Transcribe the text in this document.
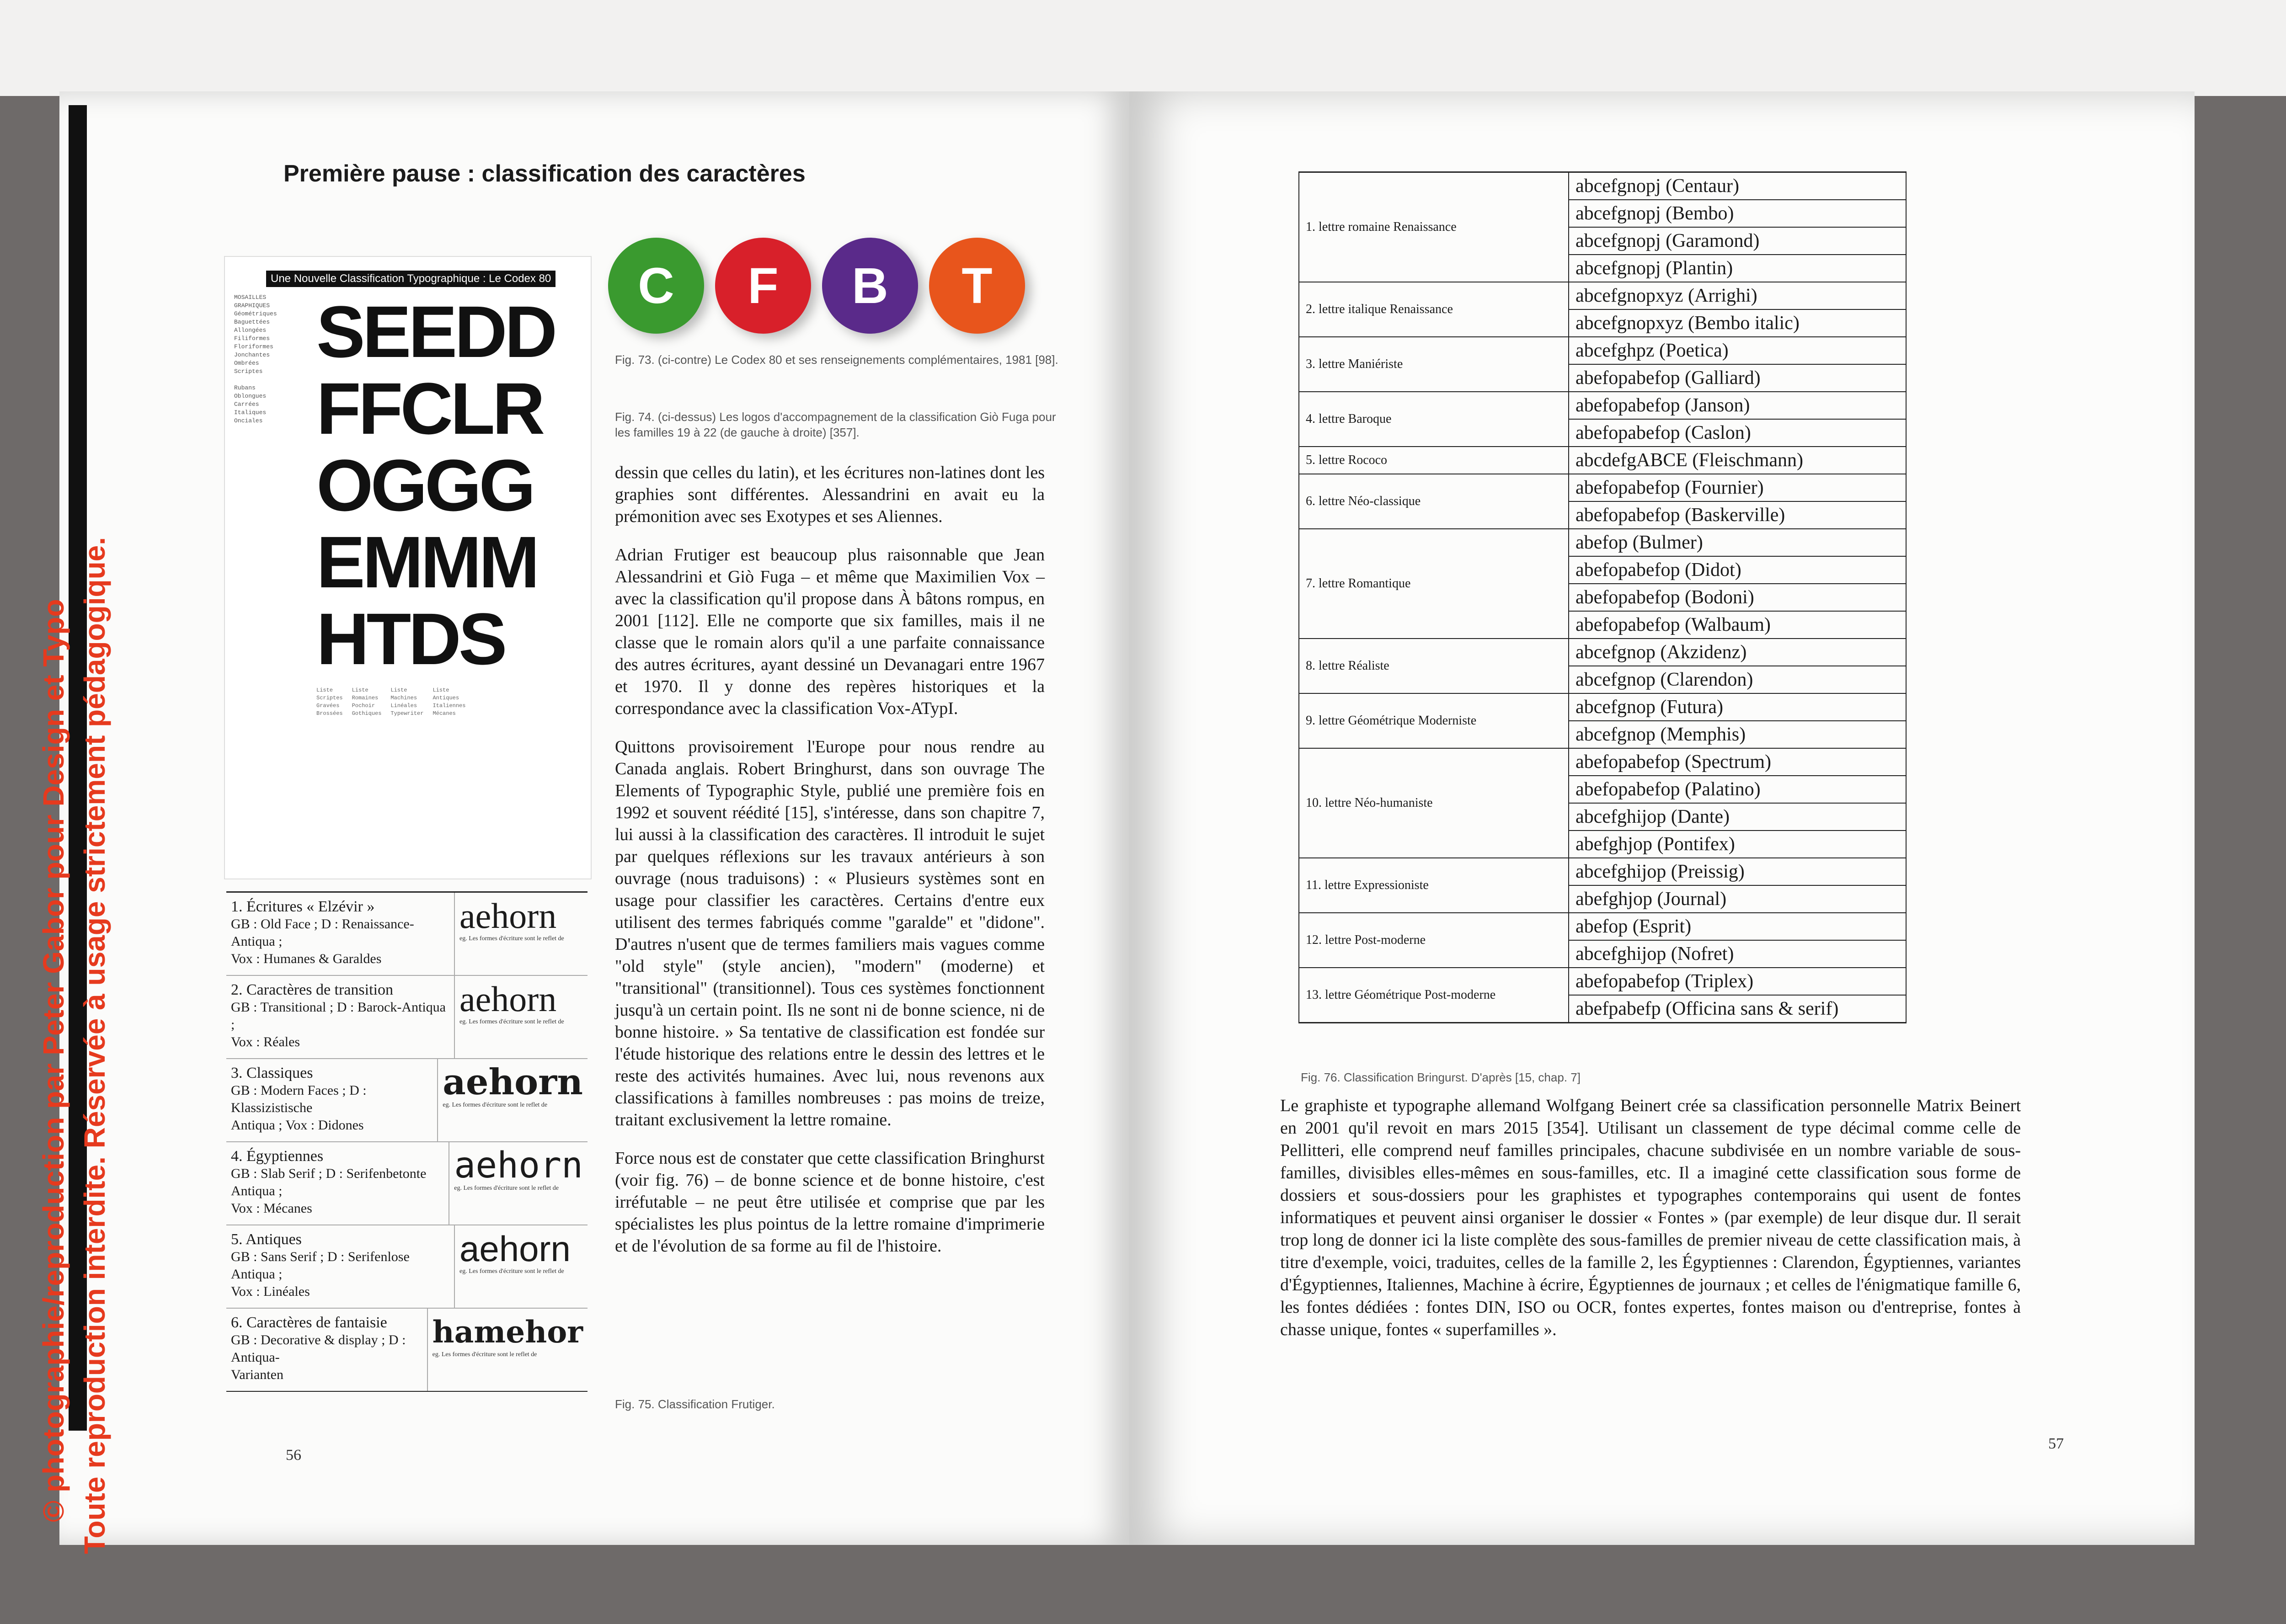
Première pause : classification des caractères
Une Nouvelle Classification Typographique : Le Codex 80
MOSAILLES
GRAPHIQUES
Géométriques
Baguettées
Allongées
Filiformes
Floriformes
Jonchantes
Ombrées
Scriptes

Rubans
Oblongues
Carrées
Italiques
Onciales
SEEDD
FFCLR
OGGG
EMMM
HTDS
Liste
Scriptes
Gravées
Brossées
Liste
Romaines
Pochoir
Gothiques
Liste
Machines
Linéales
Typewriter
Liste
Antiques
Italiennes
Mécanes
C	F	B	T
Fig. 73. (ci-contre) Le Codex 80 et ses renseignements complémentaires, 1981 [98].
Fig. 74. (ci-dessus) Les logos d'accompagnement de la classification Giò Fuga pour les familles 19 à 22 (de gauche à droite) [357].

dessin que celles du latin), et les écritures non-latines dont les graphies sont différentes. Alessandrini en avait eu la prémonition avec ses Exotypes et ses Aliennes.

Adrian Frutiger est beaucoup plus raisonnable que Jean Alessandrini et Giò Fuga – et même que Maximilien Vox – avec la classification qu'il propose dans À bâtons rompus, en 2001 [112]. Elle ne comporte que six familles, mais il ne classe que le romain alors qu'il a une parfaite connaissance des autres écritures, ayant dessiné un Devanagari entre 1967 et 1970. Il y donne des repères historiques et la correspondance avec la classification Vox-ATypI.

Quittons provisoirement l'Europe pour nous rendre au Canada anglais. Robert Bringhurst, dans son ouvrage The Elements of Typographic Style, publié une première fois en 1992 et souvent réédité [15], s'intéresse, dans son chapitre 7, lui aussi à la classification des caractères. Il introduit le sujet par quelques réflexions sur les travaux antérieurs à son ouvrage (nous traduisons) : « Plusieurs systèmes sont en usage pour classifier les caractères. Certains d'entre eux utilisent des termes fabriqués comme "garalde" et "didone". D'autres n'usent que de termes familiers mais vagues comme "old style" (style ancien), "modern" (moderne) et "transitional" (transitionnel). Tous ces systèmes fonctionnent jusqu'à un certain point. Ils ne sont ni de bonne science, ni de bonne histoire. » Sa tentative de classification est fondée sur l'étude historique des relations entre le dessin des lettres et le reste des activités humaines. Avec lui, nous revenons aux classifications à familles nombreuses : pas moins de treize, traitant exclusivement la lettre romaine.

Force nous est de constater que cette classification Bringhurst (voir fig. 76) – de bonne science et de bonne histoire, c'est irréfutable – ne peut être utilisée et comprise que par les spécialistes les plus pointus de la lettre romaine d'imprimerie et de l'évolution de sa forme au fil de l'histoire.

Fig. 75. Classification Frutiger.
1. Écritures « Elzévir »
GB : Old Face ; D : Renaissance-Antiqua ;
Vox : Humanes & Garaldes
aehorn
eg. Les formes d'écriture sont le reflet de
2. Caractères de transition
GB : Transitional ; D : Barock-Antiqua ;
Vox : Réales
aehorn
eg. Les formes d'écriture sont le reflet de
3. Classiques
GB : Modern Faces ; D : Klassizistische
Antiqua ; Vox : Didones
aehorn
eg. Les formes d'écriture sont le reflet de
4. Égyptiennes
GB : Slab Serif ; D : Serifenbetonte Antiqua ;
Vox : Mécanes
aehorn
eg. Les formes d'écriture sont le reflet de
5. Antiques
GB : Sans Serif ; D : Serifenlose Antiqua ;
Vox : Linéales
aehorn
eg. Les formes d'écriture sont le reflet de
6. Caractères de fantaisie
GB : Decorative & display ; D : Antiqua-
Varianten
hamehor
eg. Les formes d'écriture sont le reflet de
56
1. lettre romaine Renaissance	abcefgnopj (Centaur)
	abcefgnopj (Bembo)
	abcefgnopj (Garamond)
	abcefgnopj (Plantin)
2. lettre italique Renaissance	abcefgnopxyz (Arrighi)
	abcefgnopxyz (Bembo italic)
3. lettre Maniériste	abcefghpz (Poetica)
	abefopabefop (Galliard)
4. lettre Baroque	abefopabefop (Janson)
	abefopabefop (Caslon)
5. lettre Rococo	abcdefgABCE (Fleischmann)
6. lettre Néo-classique	abefopabefop (Fournier)
	abefopabefop (Baskerville)
7. lettre Romantique	abefop (Bulmer)
	abefopabefop (Didot)
	abefopabefop (Bodoni)
	abefopabefop (Walbaum)
8. lettre Réaliste	abcefgnop (Akzidenz)
	abcefgnop (Clarendon)
9. lettre Géométrique Moderniste	abcefgnop (Futura)
	abcefgnop (Memphis)
10. lettre Néo-humaniste	abefopabefop (Spectrum)
	abefopabefop (Palatino)
	abcefghijop (Dante)
	abefghjop (Pontifex)
11. lettre Expressioniste	abcefghijop (Preissig)
	abefghjop (Journal)
12. lettre Post-moderne	abefop (Esprit)
	abcefghijop (Nofret)
13. lettre Géométrique Post-moderne	abefopabefop (Triplex)
	abefpabefp (Officina sans & serif)
Fig. 76. Classification Bringurst. D'après [15, chap. 7]
Le graphiste et typographe allemand Wolfgang Beinert crée sa classification personnelle Matrix Beinert en 2001 qu'il revoit en mars 2015 [354]. Utilisant un classement de type décimal comme celle de Pellitteri, elle comprend neuf familles principales, chacune subdivisée en un nombre variable de sous-familles, divisibles elles-mêmes en sous-familles, etc. Il a imaginé cette classification sous forme de dossiers et sous-dossiers pour les graphistes et typographes contemporains qui usent de fontes informatiques et peuvent ainsi organiser le dossier « Fontes » (par exemple) de leur disque dur. Il serait trop long de donner ici la liste complète des sous-familles de premier niveau de cette classification mais, à titre d'exemple, voici, traduites, celles de la famille 2, les Égyptiennes : Clarendon, Égyptiennes, variantes d'Égyptiennes, Italiennes, Machine à écrire, Égyptiennes de journaux ; et celles de l'énigmatique famille 6, les fontes dédiées : fontes DIN, ISO ou OCR, fontes expertes, fontes maison ou d'entreprise, fontes à chasse unique, fontes « superfamilles ».
57
© photographie/reproduction par Peter Gabor pour Design et Typo Toute reproduction interdite. Réservée à usage strictement pédagogique.
